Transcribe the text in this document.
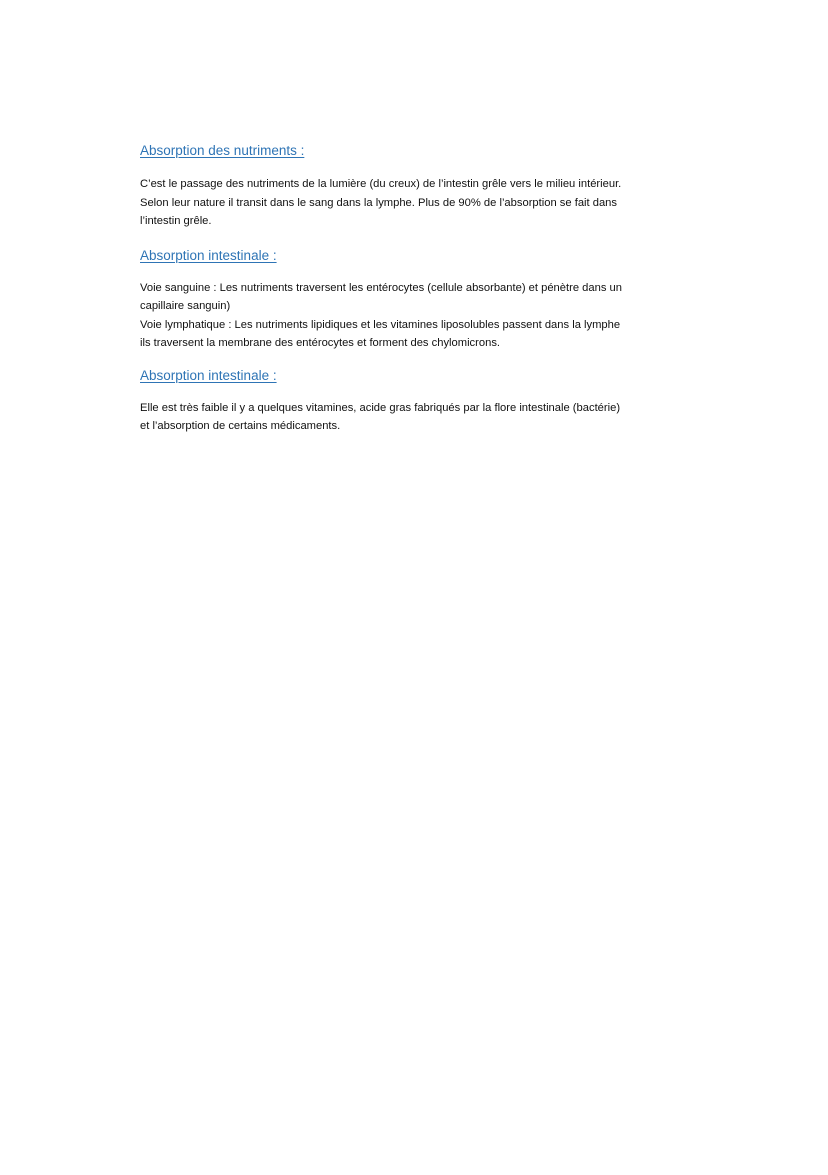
Absorption des nutriments :

C’est le passage des nutriments de la lumière (du creux) de l’intestin grêle vers le milieu intérieur.
Selon leur nature il transit dans le sang dans la lymphe. Plus de 90% de l’absorption se fait dans
l’intestin grêle.

Absorption intestinale :

Voie sanguine : Les nutriments traversent les entérocytes (cellule absorbante) et pénètre dans un
capillaire sanguin)
Voie lymphatique : Les nutriments lipidiques et les vitamines liposolubles passent dans la lymphe
ils traversent la membrane des entérocytes et forment des chylomicrons.

Absorption intestinale :

Elle est très faible il y a quelques vitamines, acide gras fabriqués par la flore intestinale (bactérie)
et l’absorption de certains médicaments.
